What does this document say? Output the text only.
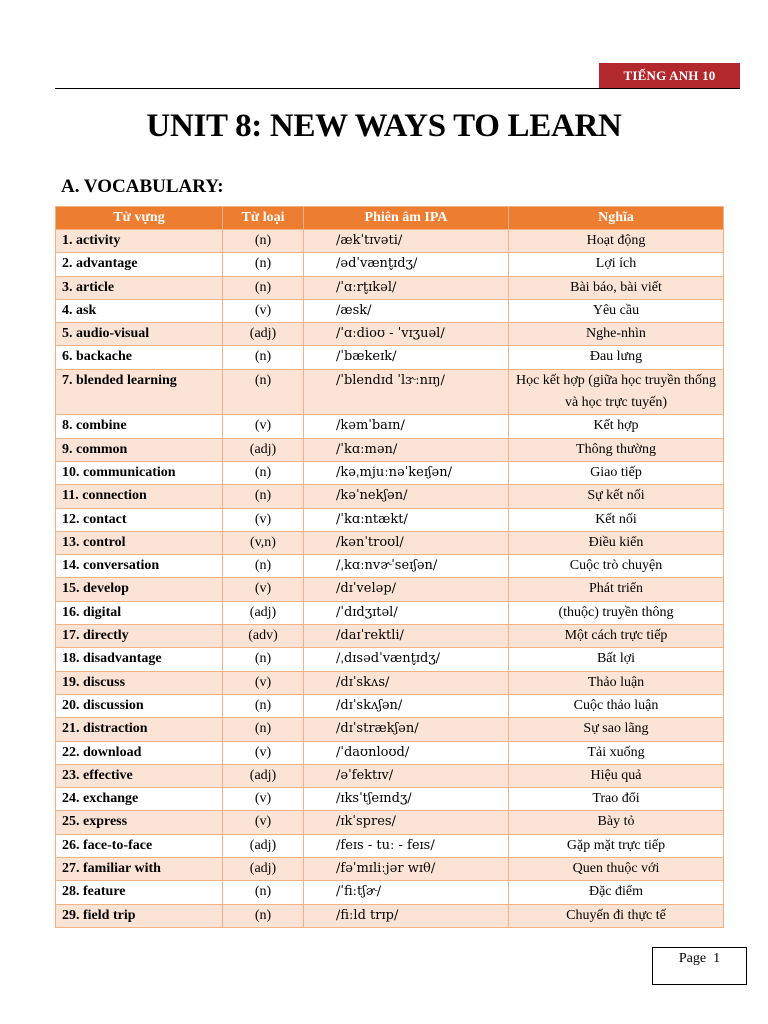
TIẾNG ANH 10
UNIT 8: NEW WAYS TO LEARN
A. VOCABULARY:
Từ vựng	Từ loại	Phiên âm IPA	Nghĩa
1. activity	(n)	/ækˈtɪvəti/	Hoạt động
2. advantage	(n)	/ədˈvænt̬ɪdʒ/	Lợi ích
3. article	(n)	/ˈɑːrt̬ɪkəl/	Bài báo, bài viết
4. ask	(v)	/æsk/	Yêu cầu
5. audio-visual	(adj)	/ˈɑːdioʊ - ˈvɪʒuəl/	Nghe-nhìn
6. backache	(n)	/ˈbækeɪk/	Đau lưng
7. blended learning	(n)	/ˈblendɪd ˈlɝːnɪŋ/	Học kết hợp (giữa học truyền thống và học trực tuyến)
8. combine	(v)	/kəmˈbaɪn/	Kết hợp
9. common	(adj)	/ˈkɑːmən/	Thông thường
10. communication	(n)	/kəˌmjuːnəˈkeɪʃən/	Giao tiếp
11. connection	(n)	/kəˈnekʃən/	Sự kết nối
12. contact	(v)	/ˈkɑːntækt/	Kết nối
13. control	(v,n)	/kənˈtroʊl/	Điều kiển
14. conversation	(n)	/ˌkɑːnvɚˈseɪʃən/	Cuộc trò chuyện
15. develop	(v)	/dɪˈveləp/	Phát triển
16. digital	(adj)	/ˈdɪdʒɪtəl/	(thuộc) truyền thông
17. directly	(adv)	/daɪˈrektli/	Một cách trực tiếp
18. disadvantage	(n)	/ˌdɪsədˈvænt̬ɪdʒ/	Bất lợi
19. discuss	(v)	/dɪˈskʌs/	Thảo luận
20. discussion	(n)	/dɪˈskʌʃən/	Cuộc thảo luận
21. distraction	(n)	/dɪˈstrækʃən/	Sự sao lãng
22. download	(v)	/ˈdaʊnloʊd/	Tải xuống
23. effective	(adj)	/əˈfektɪv/	Hiệu quả
24. exchange	(v)	/ɪksˈtʃeɪndʒ/	Trao đổi
25. express	(v)	/ɪkˈspres/	Bày tỏ
26. face-to-face	(adj)	/feɪs - tuː - feɪs/	Gặp mặt trực tiếp
27. familiar with	(adj)	/fəˈmɪliːjər wɪθ/	Quen thuộc với
28. feature	(n)	/ˈfiːtʃɚ/	Đặc điểm
29. field trip	(n)	/fiːld trɪp/	Chuyến đi thực tế
Page
1
